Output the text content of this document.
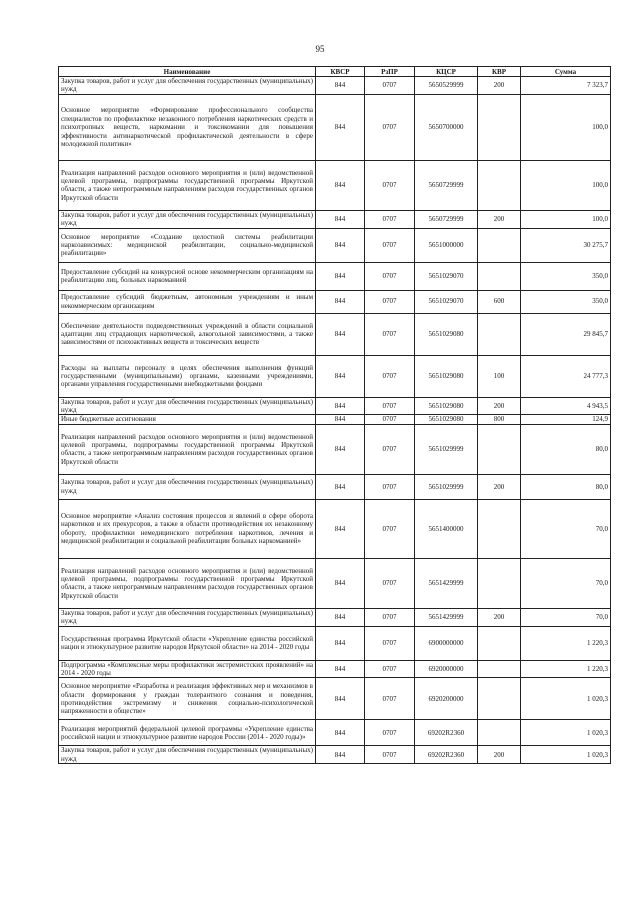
95
Наименование	КВСР	РзПР	КЦСР	КВР	Сумма
Закупка товаров, работ и услуг для обеспечения государственных (муниципальных) нужд	844	0707	5650529999	200	7 323,7
Основное мероприятие «Формирование профессионального сообщества специалистов по профилактике незаконного потребления наркотических средств и психотропных веществ, наркомании и токсикомании для повышения эффективности антинаркотической профилактической деятельности в сфере молодежной политики»	844	0707	5650700000		100,0
Реализация направлений расходов основного мероприятия и (или) ведомственной целевой программы, подпрограммы государственной программы Иркутской области, а также непрограммным направлениям расходов государственных органов Иркутской области	844	0707	5650729999		100,0
Закупка товаров, работ и услуг для обеспечения государственных (муниципальных) нужд	844	0707	5650729999	200	100,0
Основное мероприятие «Создание целостной системы реабилитации наркозависимых: медицинской реабилитации, социально-медицинской реабилитации»	844	0707	5651000000		30 275,7
Предоставление субсидий на конкурсной основе некоммерческим организациям на реабилитацию лиц, больных наркоманией	844	0707	5651029070		350,0
Предоставление субсидий бюджетным, автономным учреждениям и иным некоммерческим организациям	844	0707	5651029070	600	350,0
Обеспечение деятельности подведомственных учреждений в области социальной адаптации лиц страдающих наркотической, алкогольной зависимостями, а также зависимостями от психоактивных веществ и токсических веществ	844	0707	5651029080		29 845,7
Расходы на выплаты персоналу в целях обеспечения выполнения функций государственными (муниципальными) органами, казенными учреждениями, органами управления государственными внебюджетными фондами	844	0707	5651029080	100	24 777,3
Закупка товаров, работ и услуг для обеспечения государственных (муниципальных) нужд	844	0707	5651029080	200	4 943,5
Иные бюджетные ассигнования	844	0707	5651029080	800	124,9
Реализация направлений расходов основного мероприятия и (или) ведомственной целевой программы, подпрограммы государственной программы Иркутской области, а также непрограммным направлениям расходов государственных органов Иркутской области	844	0707	5651029999		80,0
Закупка товаров, работ и услуг для обеспечения государственных (муниципальных) нужд	844	0707	5651029999	200	80,0
Основное мероприятие «Анализ состояния процессов и явлений в сфере оборота наркотиков и их прекурсоров, а также в области противодействия их незаконному обороту, профилактики немедицинского потребления наркотиков, лечения и медицинской реабилитации и социальной реабилитации больных наркоманией»	844	0707	5651400000		70,0
Реализация направлений расходов основного мероприятия и (или) ведомственной целевой программы, подпрограммы государственной программы Иркутской области, а также непрограммным направлениям расходов государственных органов Иркутской области	844	0707	5651429999		70,0
Закупка товаров, работ и услуг для обеспечения государственных (муниципальных) нужд	844	0707	5651429999	200	70,0
Государственная программа Иркутской области «Укрепление единства российской нации и этнокультурное развитие народов Иркутской области» на 2014 - 2020 годы	844	0707	6900000000		1 220,3
Подпрограмма «Комплексные меры профилактики экстремистских проявлений» на 2014 - 2020 годы	844	0707	6920000000		1 220,3
Основное мероприятие «Разработка и реализация эффективных мер и механизмов в области формирования у граждан толерантного сознания и поведения, противодействия экстремизму и снижения социально-психологической напряженности в обществе»	844	0707	6920200000		1 020,3
Реализация мероприятий федеральной целевой программы «Укрепление единства российской нации и этнокультурное развитие народов России (2014 - 2020 годы)»	844	0707	69202R2360		1 020,3
Закупка товаров, работ и услуг для обеспечения государственных (муниципальных) нужд	844	0707	69202R2360	200	1 020,3
